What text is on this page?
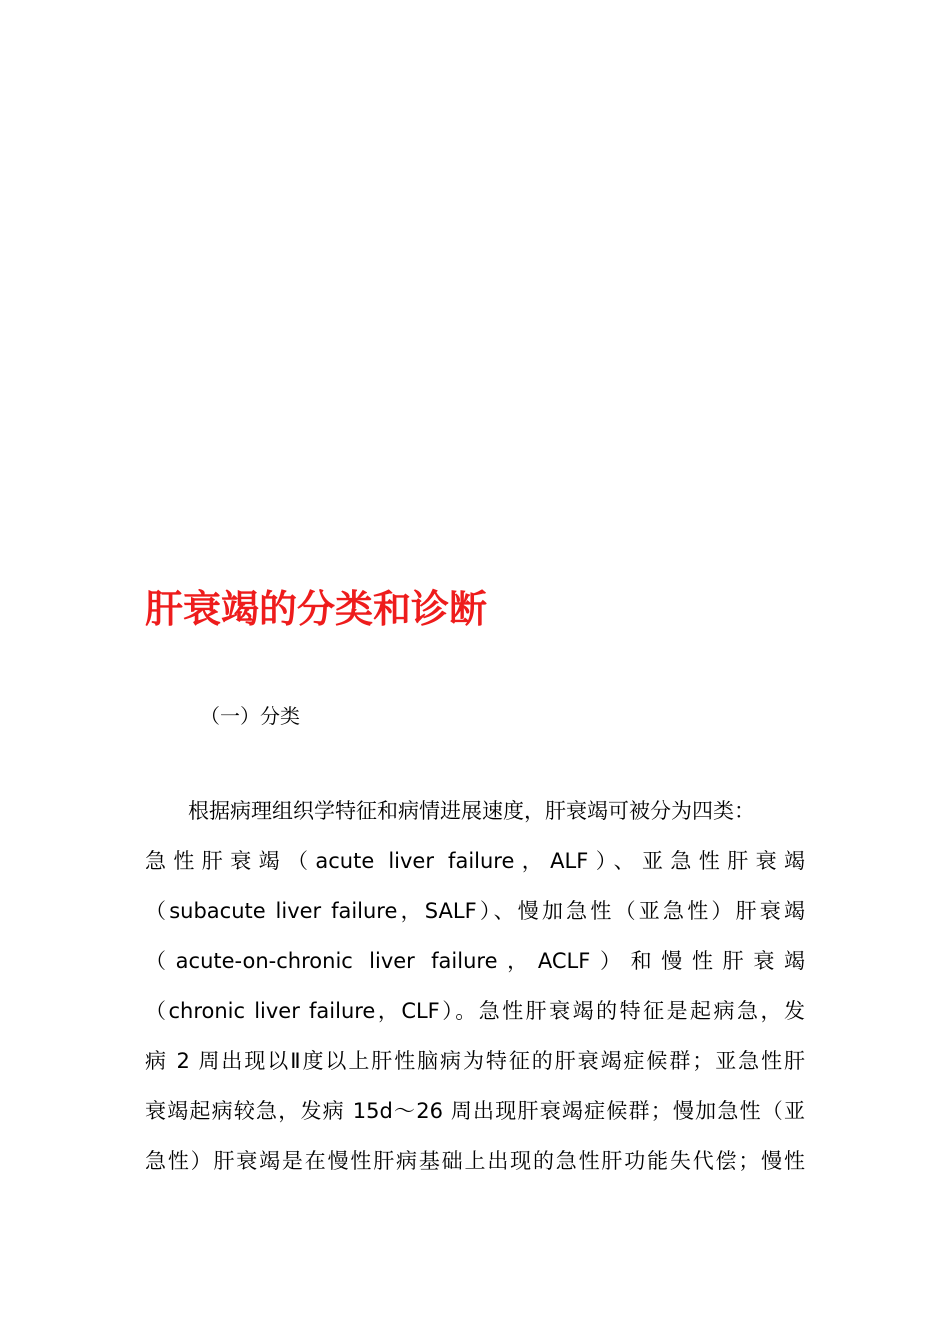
肝衰竭的分类和诊断
（一）分类
根据病理组织学特征和病情进展速度，肝衰竭可被分为四类：
急性肝衰竭（acute liver failure，ALF）、亚急性肝衰竭
（subacute liver failure，SALF）、慢加急性（亚急性）肝衰竭
（acute-on-chronic liver failure，ACLF）和慢性肝衰竭
（chronic liver failure，CLF）。急性肝衰竭的特征是起病急，发
病 2 周出现以Ⅱ度以上肝性脑病为特征的肝衰竭症候群；亚急性肝
衰竭起病较急，发病 15d～26 周出现肝衰竭症候群；慢加急性（亚
急性）肝衰竭是在慢性肝病基础上出现的急性肝功能失代偿；慢性
